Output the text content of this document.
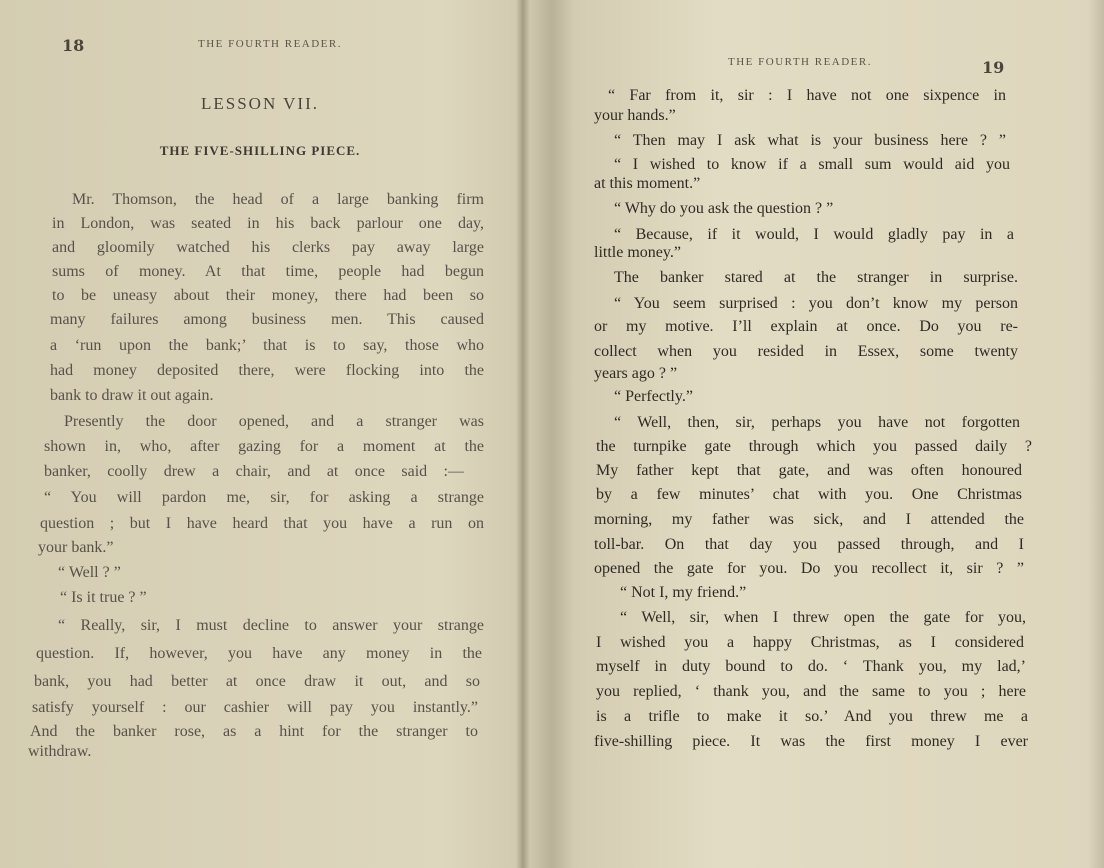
18	THE FOURTH READER.
LESSON VII.
THE FIVE-SHILLING PIECE.
Mr. Thomson, the head of a large banking firm
in London, was seated in his back parlour one day,
and gloomily watched his clerks pay away large
sums of money. At that time, people had begun
to be uneasy about their money, there had been so
many failures among business men. This caused
a ‘run upon the bank;’ that is to say, those who
had money deposited there, were flocking into the
bank to draw it out again.
Presently the door opened, and a stranger was
shown in, who, after gazing for a moment at the
banker, coolly drew a chair, and at once said :—
“ You will pardon me, sir, for asking a strange
question ; but I have heard that you have a run on
your bank.”
“ Well ? ”
“ Is it true ? ”
“ Really, sir, I must decline to answer your strange
question. If, however, you have any money in the
bank, you had better at once draw it out, and so
satisfy yourself : our cashier will pay you instantly.”
And the banker rose, as a hint for the stranger to
withdraw.
THE FOURTH READER.	19
“ Far from it, sir : I have not one sixpence in
your hands.”
“ Then may I ask what is your business here ? ”
“ I wished to know if a small sum would aid you
at this moment.”
“ Why do you ask the question ? ”
“ Because, if it would, I would gladly pay in a
little money.”
The banker stared at the stranger in surprise.
“ You seem surprised : you don’t know my person
or my motive. I’ll explain at once. Do you re-
collect when you resided in Essex, some twenty
years ago ? ”
“ Perfectly.”
“ Well, then, sir, perhaps you have not forgotten
the turnpike gate through which you passed daily ?
My father kept that gate, and was often honoured
by a few minutes’ chat with you. One Christmas
morning, my father was sick, and I attended the
toll-bar. On that day you passed through, and I
opened the gate for you. Do you recollect it, sir ? ”
“ Not I, my friend.”
“ Well, sir, when I threw open the gate for you,
I wished you a happy Christmas, as I considered
myself in duty bound to do. ‘ Thank you, my lad,’
you replied, ‘ thank you, and the same to you ; here
is a trifle to make it so.’ And you threw me a
five-shilling piece. It was the first money I ever
